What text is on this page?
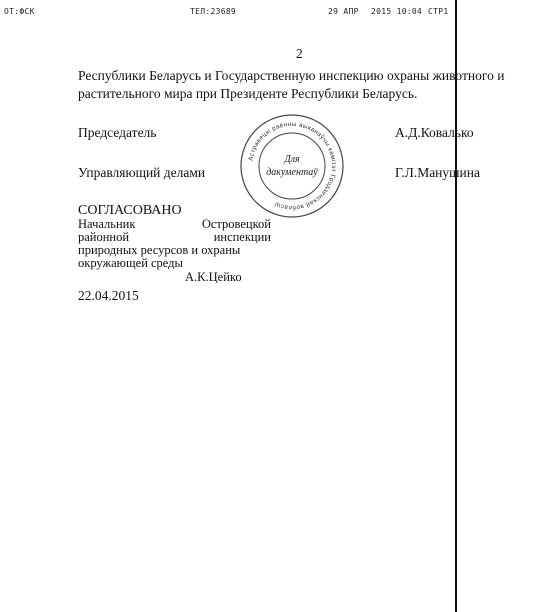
ОТ:ФСК	ТЕЛ:23689	29 АПР 2015 10:04 СТР1
2
Республики Беларусь и Государственную инспекцию охраны животного и
растительного мира при Президенте Республики Беларусь.
Председатель	А.Д.Ковалько
Управляющий делами	Г.Л.Манушина
Астравецкі раённы выканаўчы камітэт Гродзенскай вобласці
Для
дакументаў
СОГЛАСОВАНО
Начальник	Островецкой
районной	инспекции
природных ресурсов и охраны
окружающей среды
А.К.Цейко
22.04.2015
